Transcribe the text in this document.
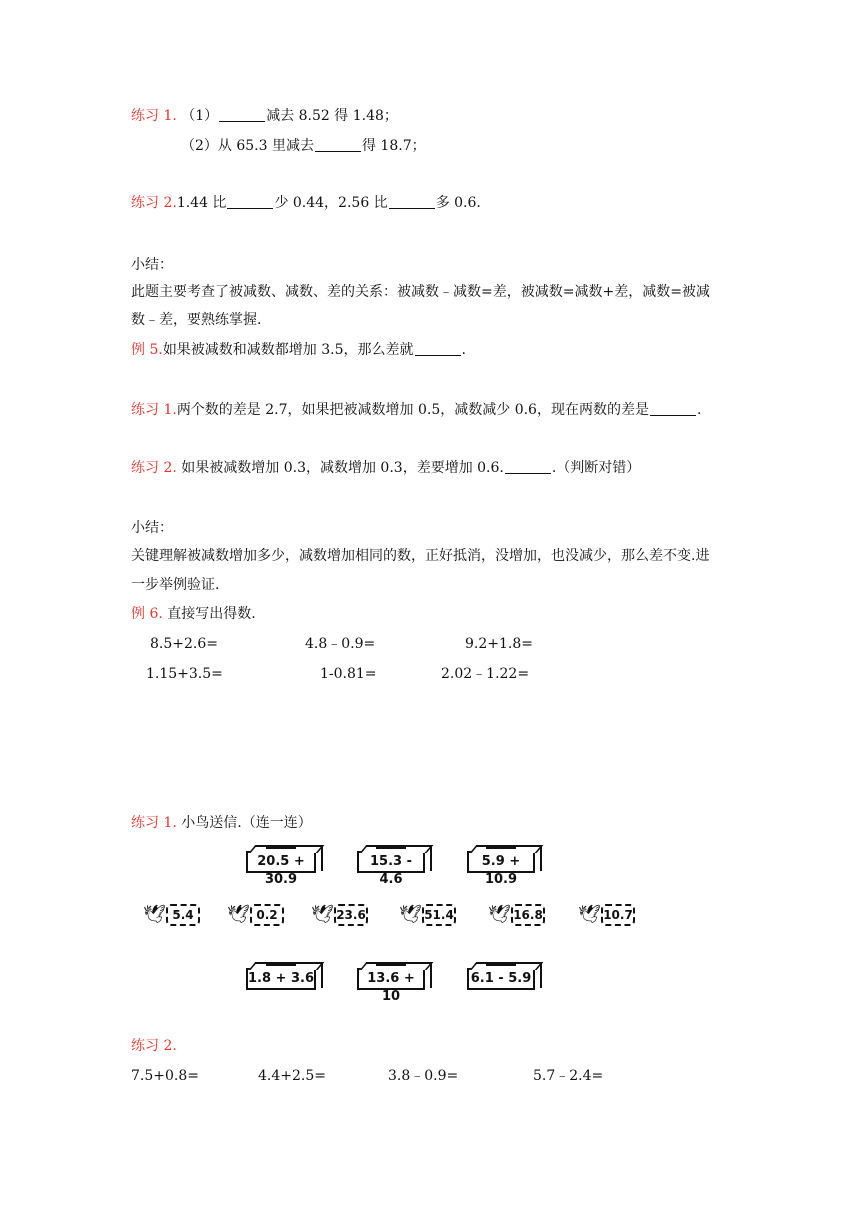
练习 1. （1）	减去 8.52 得 1.48；
（2）从 65.3 里减去	得 18.7；
练习 2.1.44 比	少 0.44，2.56 比	多 0.6.
小结：
此题主要考查了被减数、减数、差的关系：被减数﹣减数=差，被减数=减数+差，减数=被减
数﹣差，要熟练掌握.
例 5.如果被减数和减数都增加 3.5，那么差就	.
练习 1.两个数的差是 2.7，如果把被减数增加 0.5，减数减少 0.6，现在两数的差是	.
练习 2. 如果被减数增加 0.3，减数增加 0.3，差要增加 0.6.	.（判断对错）
小结：
关键理解被减数增加多少，减数增加相同的数，正好抵消，没增加，也没减少，那么差不变.进
一步举例验证.
例 6. 直接写出得数.
8.5+2.6=	4.8﹣0.9=	9.2+1.8=
1.15+3.5=	1-0.81=	2.02﹣1.22=
练习 1. 小鸟送信.（连一连）
20.5 + 30.9
15.3 - 4.6
5.9 + 10.9
🕊 5.4	🕊 0.2	🕊 23.6 🕊 51.4 🕊 16.8 🕊 10.7
1.8 + 3.6	13.6 + 10
6.1 - 5.9
练习 2.
7.5+0.8=	4.4+2.5=	3.8﹣0.9=	5.7﹣2.4=
